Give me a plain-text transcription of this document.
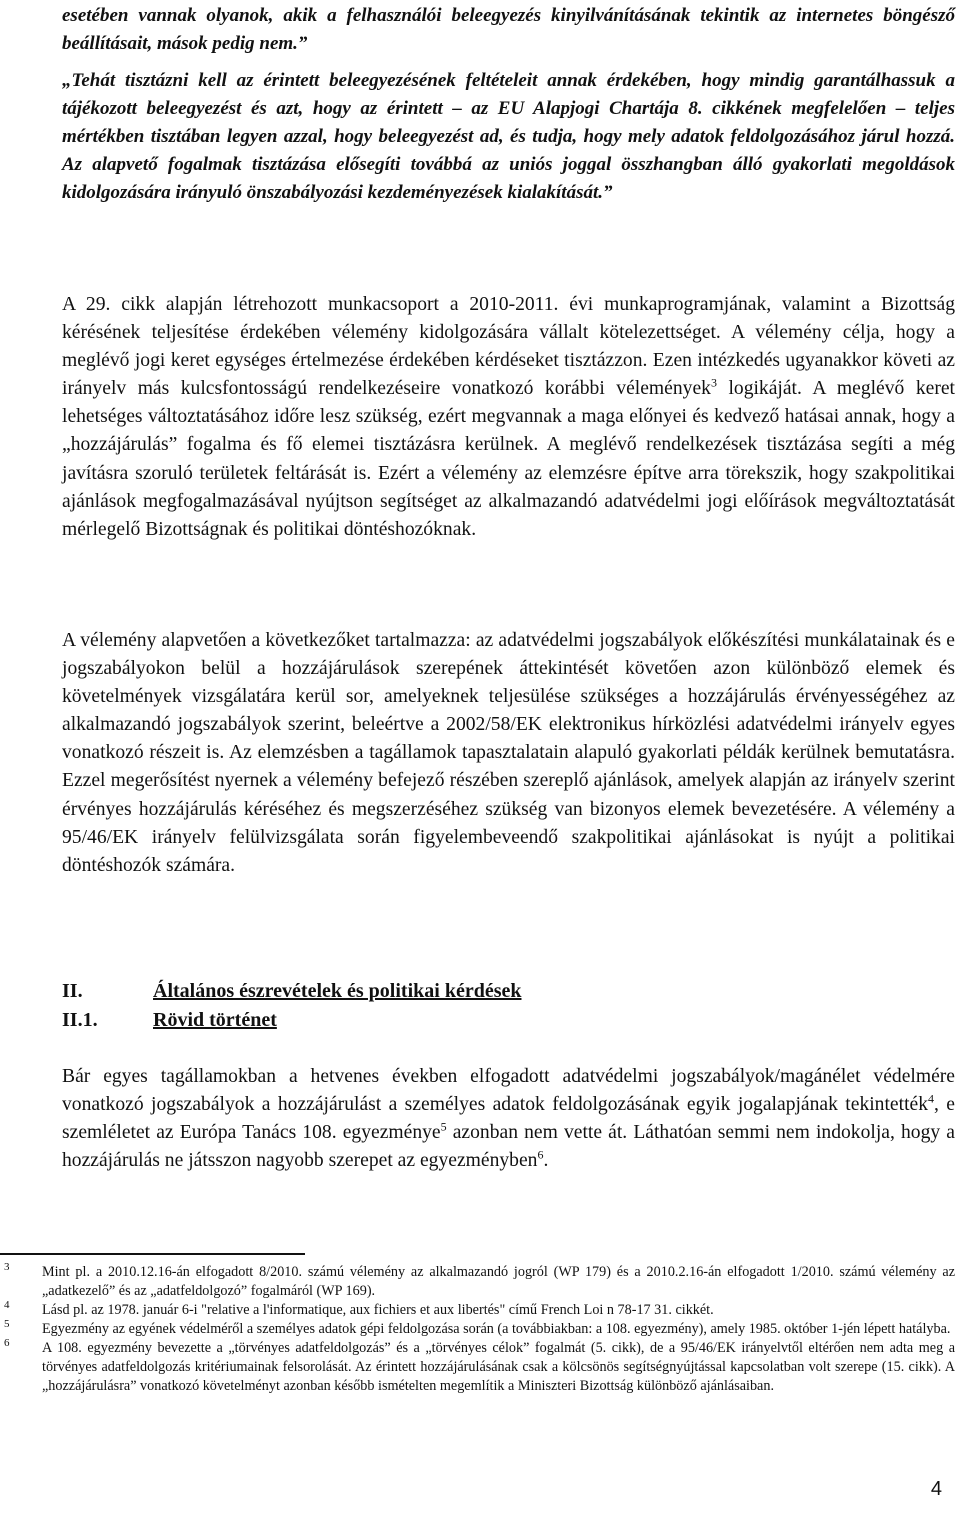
esetében vannak olyanok, akik a felhasználói beleegyezés kinyilvánításának tekintik az internetes böngésző beállításait, mások pedig nem.”
„Tehát tisztázni kell az érintett beleegyezésének feltételeit annak érdekében, hogy mindig garantálhassuk a tájékozott beleegyezést és azt, hogy az érintett – az EU Alapjogi Chartája 8. cikkének megfelelően – teljes mértékben tisztában legyen azzal, hogy beleegyezést ad, és tudja, hogy mely adatok feldolgozásához járul hozzá. Az alapvető fogalmak tisztázása elősegíti továbbá az uniós joggal összhangban álló gyakorlati megoldások kidolgozására irányuló önszabályozási kezdeményezések kialakítását.”
A 29. cikk alapján létrehozott munkacsoport a 2010-2011. évi munkaprogramjának, valamint a Bizottság kérésének teljesítése érdekében vélemény kidolgozására vállalt kötelezettséget. A vélemény célja, hogy a meglévő jogi keret egységes értelmezése érdekében kérdéseket tisztázzon. Ezen intézkedés ugyanakkor követi az irányelv más kulcsfontosságú rendelkezéseire vonatkozó korábbi vélemények$^3$ logikáját. A meglévő keret lehetséges változtatásához időre lesz szükség, ezért megvannak a maga előnyei és kedvező hatásai annak, hogy a „hozzájárulás” fogalma és fő elemei tisztázásra kerülnek. A meglévő rendelkezések tisztázása segíti a még javításra szoruló területek feltárását is. Ezért a vélemény az elemzésre építve arra törekszik, hogy szakpolitikai ajánlások megfogalmazásával nyújtson segítséget az alkalmazandó adatvédelmi jogi előírások megváltoztatását mérlegelő Bizottságnak és politikai döntéshozóknak.
A vélemény alapvetően a következőket tartalmazza: az adatvédelmi jogszabályok előkészítési munkálatainak és e jogszabályokon belül a hozzájárulások szerepének áttekintését követően azon különböző elemek és követelmények vizsgálatára kerül sor, amelyeknek teljesülése szükséges a hozzájárulás érvényességéhez az alkalmazandó jogszabályok szerint, beleértve a 2002/58/EK elektronikus hírközlési adatvédelmi irányelv egyes vonatkozó részeit is. Az elemzésben a tagállamok tapasztalatain alapuló gyakorlati példák kerülnek bemutatásra. Ezzel megerősítést nyernek a vélemény befejező részében szereplő ajánlások, amelyek alapján az irányelv szerint érvényes hozzájárulás kéréséhez és megszerzéséhez szükség van bizonyos elemek bevezetésére. A vélemény a 95/46/EK irányelv felülvizsgálata során figyelembeveendő szakpolitikai ajánlásokat is nyújt a politikai döntéshozók számára.
II.	Általános észrevételek és politikai kérdések
II.1.	Rövid történet
Bár egyes tagállamokban a hetvenes években elfogadott adatvédelmi jogszabályok/magánélet védelmére vonatkozó jogszabályok a hozzájárulást a személyes adatok feldolgozásának egyik jogalapjának tekintették$^4$, e szemléletet az Európa Tanács 108. egyezménye$^5$ azonban nem vette át. Láthatóan semmi nem indokolja, hogy a hozzájárulás ne játsszon nagyobb szerepet az egyezményben$^6$.
3 Mint pl. a 2010.12.16-án elfogadott 8/2010. számú vélemény az alkalmazandó jogról (WP 179) és a 2010.2.16-án elfogadott 1/2010. számú vélemény az „adatkezelő” és az „adatfeldolgozó” fogalmáról (WP 169).
4 Lásd pl. az 1978. január 6-i "relative a l'informatique, aux fichiers et aux libertés" című French Loi n 78-17 31. cikkét.
5 Egyezmény az egyének védelméről a személyes adatok gépi feldolgozása során (a továbbiakban: a 108. egyezmény), amely 1985. október 1-jén lépett hatályba.
6 A 108. egyezmény bevezette a „törvényes adatfeldolgozás” és a „törvényes célok” fogalmát (5. cikk), de a 95/46/EK irányelvtől eltérően nem adta meg a törvényes adatfeldolgozás kritériumainak felsorolását. Az érintett hozzájárulásának csak a kölcsönös segítségnyújtással kapcsolatban volt szerepe (15. cikk). A „hozzájárulásra” vonatkozó követelményt azonban később ismételten megemlítik a Miniszteri Bizottság különböző ajánlásaiban.
4
